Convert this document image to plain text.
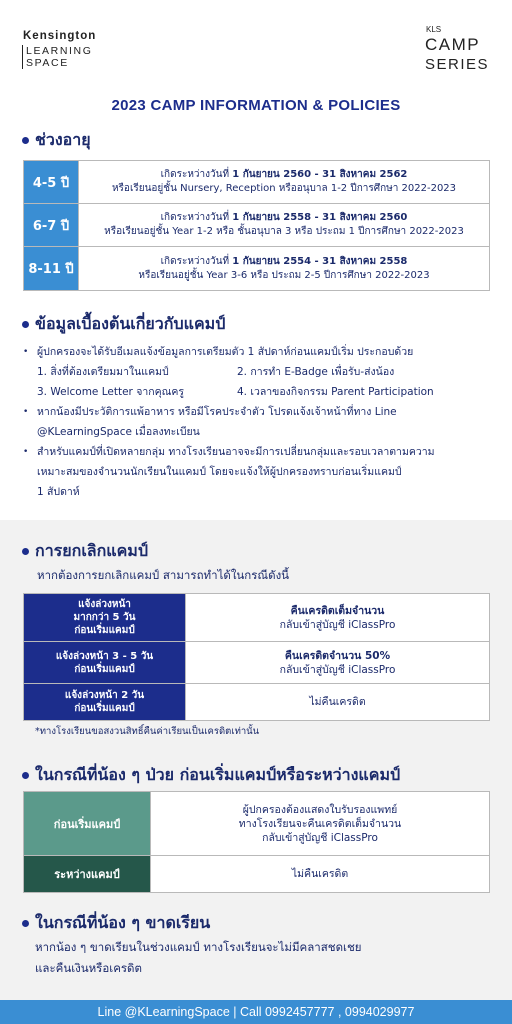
Kensington
LEARNING
SPACE
KLS
CAMP
SERIES
2023 CAMP INFORMATION & POLICIES
ช่วงอายุ
4-5 ปี
เกิดระหว่างวันที่ 1 กันยายน 2560 - 31 สิงหาคม 2562
หรือเรียนอยู่ชั้น Nursery, Reception หรืออนุบาล 1-2 ปีการศึกษา 2022-2023
6-7 ปี
เกิดระหว่างวันที่ 1 กันยายน 2558 - 31 สิงหาคม 2560
หรือเรียนอยู่ชั้น Year 1-2 หรือ ชั้นอนุบาล 3 หรือ ประถม 1 ปีการศึกษา 2022-2023
8-11 ปี
เกิดระหว่างวันที่ 1 กันยายน 2554 - 31 สิงหาคม 2558
หรือเรียนอยู่ชั้น Year 3-6 หรือ ประถม 2-5 ปีการศึกษา 2022-2023
ข้อมูลเบื้องต้นเกี่ยวกับแคมป์
• ผู้ปกครองจะได้รับอีเมลแจ้งข้อมูลการเตรียมตัว 1 สัปดาห์ก่อนแคมป์เริ่ม ประกอบด้วย
1. สิ่งที่ต้องเตรียมมาในแคมป์	2. การทำ E-Badge เพื่อรับ-ส่งน้อง
3. Welcome Letter จากคุณครู	4. เวลาของกิจกรรม Parent Participation
• หากน้องมีประวัติการแพ้อาหาร หรือมีโรคประจำตัว โปรดแจ้งเจ้าหน้าที่ทาง Line
@KLearningSpace เมื่อลงทะเบียน
• สำหรับแคมป์ที่เปิดหลายกลุ่ม ทางโรงเรียนอาจจะมีการเปลี่ยนกลุ่มและรอบเวลาตามความ
เหมาะสมของจำนวนนักเรียนในแคมป์ โดยจะแจ้งให้ผู้ปกครองทราบก่อนเริ่มแคมป์
1 สัปดาห์
การยกเลิกแคมป์
หากต้องการยกเลิกแคมป์ สามารถทำได้ในกรณีดังนี้
แจ้งล่วงหน้า
มากกว่า 5 วัน
ก่อนเริ่มแคมป์
คืนเครดิตเต็มจำนวน
กลับเข้าสู่บัญชี iClassPro
แจ้งล่วงหน้า 3 - 5 วัน
ก่อนเริ่มแคมป์
คืนเครดิตจำนวน 50%
กลับเข้าสู่บัญชี iClassPro
แจ้งล่วงหน้า 2 วัน
ก่อนเริ่มแคมป์
ไม่คืนเครดิต
*ทางโรงเรียนขอสงวนสิทธิ์คืนค่าเรียนเป็นเครดิตเท่านั้น
ในกรณีที่น้อง ๆ ป่วย ก่อนเริ่มแคมป์หรือระหว่างแคมป์
ก่อนเริ่มแคมป์
ผู้ปกครองต้องแสดงใบรับรองแพทย์
ทางโรงเรียนจะคืนเครดิตเต็มจำนวน
กลับเข้าสู่บัญชี iClassPro
ระหว่างแคมป์	ไม่คืนเครดิต
ในกรณีที่น้อง ๆ ขาดเรียน
หากน้อง ๆ ขาดเรียนในช่วงแคมป์ ทางโรงเรียนจะไม่มีคลาสชดเชย
และคืนเงินหรือเครดิต
Line @KLearningSpace | Call 0992457777 , 0994029977
